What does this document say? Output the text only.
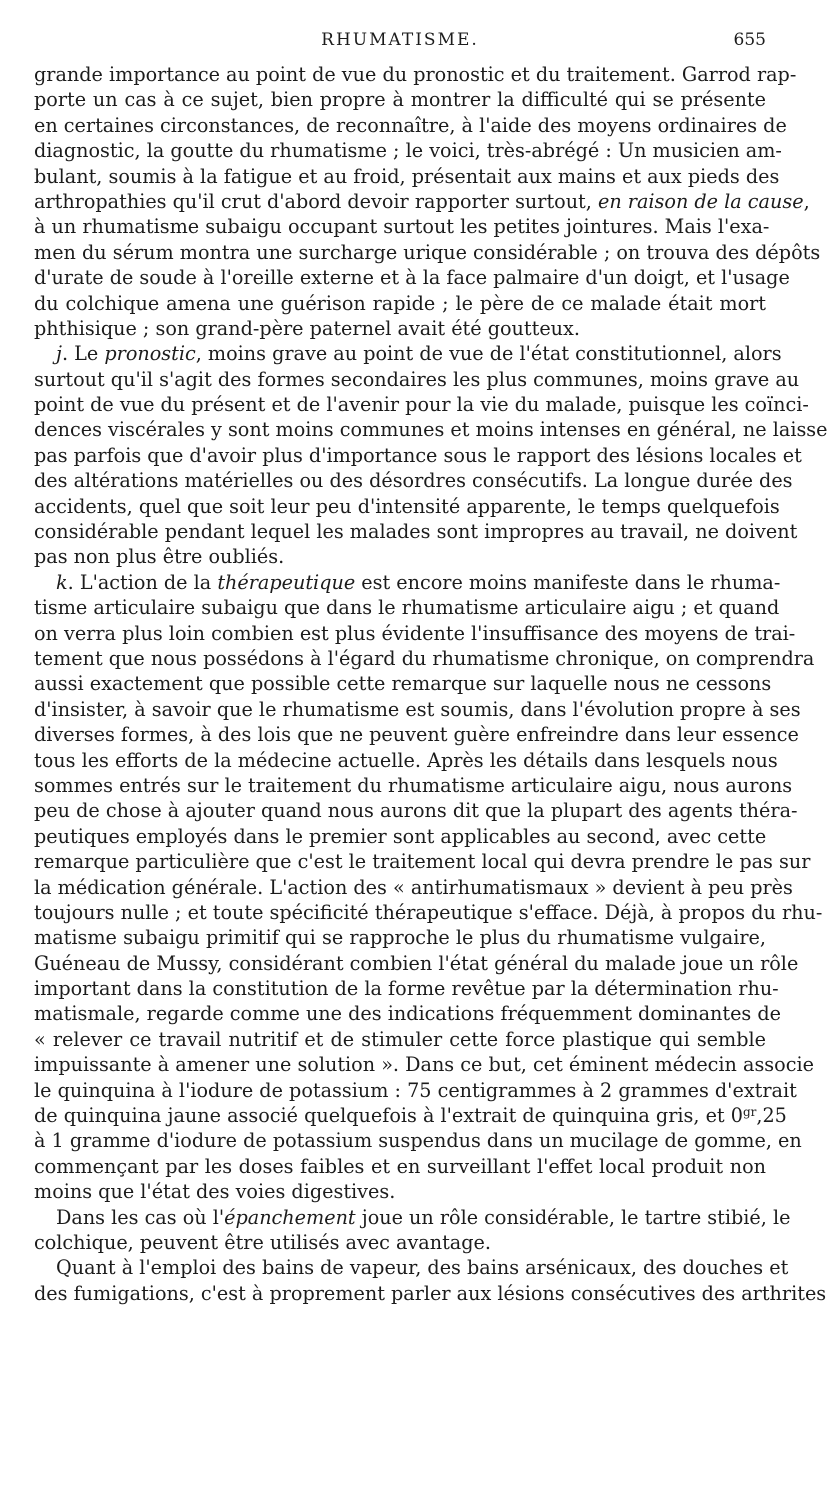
RHUMATISME.	655
grande importance au point de vue du pronostic et du traitement. Garrod rap-
porte un cas à ce sujet, bien propre à montrer la difficulté qui se présente
en certaines circonstances, de reconnaître, à l'aide des moyens ordinaires de
diagnostic, la goutte du rhumatisme ; le voici, très-abrégé : Un musicien am-
bulant, soumis à la fatigue et au froid, présentait aux mains et aux pieds des
arthropathies qu'il crut d'abord devoir rapporter surtout, en raison de la cause,
à un rhumatisme subaigu occupant surtout les petites jointures. Mais l'exa-
men du sérum montra une surcharge urique considérable ; on trouva des dépôts
d'urate de soude à l'oreille externe et à la face palmaire d'un doigt, et l'usage
du colchique amena une guérison rapide ; le père de ce malade était mort
phthisique ; son grand-père paternel avait été goutteux.
j. Le pronostic, moins grave au point de vue de l'état constitutionnel, alors
surtout qu'il s'agit des formes secondaires les plus communes, moins grave au
point de vue du présent et de l'avenir pour la vie du malade, puisque les coïnci-
dences viscérales y sont moins communes et moins intenses en général, ne laisse
pas parfois que d'avoir plus d'importance sous le rapport des lésions locales et
des altérations matérielles ou des désordres consécutifs. La longue durée des
accidents, quel que soit leur peu d'intensité apparente, le temps quelquefois
considérable pendant lequel les malades sont impropres au travail, ne doivent
pas non plus être oubliés.
k. L'action de la thérapeutique est encore moins manifeste dans le rhuma-
tisme articulaire subaigu que dans le rhumatisme articulaire aigu ; et quand
on verra plus loin combien est plus évidente l'insuffisance des moyens de trai-
tement que nous possédons à l'égard du rhumatisme chronique, on comprendra
aussi exactement que possible cette remarque sur laquelle nous ne cessons
d'insister, à savoir que le rhumatisme est soumis, dans l'évolution propre à ses
diverses formes, à des lois que ne peuvent guère enfreindre dans leur essence
tous les efforts de la médecine actuelle. Après les détails dans lesquels nous
sommes entrés sur le traitement du rhumatisme articulaire aigu, nous aurons
peu de chose à ajouter quand nous aurons dit que la plupart des agents théra-
peutiques employés dans le premier sont applicables au second, avec cette
remarque particulière que c'est le traitement local qui devra prendre le pas sur
la médication générale. L'action des « antirhumatismaux » devient à peu près
toujours nulle ; et toute spécificité thérapeutique s'efface. Déjà, à propos du rhu-
matisme subaigu primitif qui se rapproche le plus du rhumatisme vulgaire,
Guéneau de Mussy, considérant combien l'état général du malade joue un rôle
important dans la constitution de la forme revêtue par la détermination rhu-
matismale, regarde comme une des indications fréquemment dominantes de
« relever ce travail nutritif et de stimuler cette force plastique qui semble
impuissante à amener une solution ». Dans ce but, cet éminent médecin associe
le quinquina à l'iodure de potassium : 75 centigrammes à 2 grammes d'extrait
de quinquina jaune associé quelquefois à l'extrait de quinquina gris, et $0^{gr},25$
à 1 gramme d'iodure de potassium suspendus dans un mucilage de gomme, en
commençant par les doses faibles et en surveillant l'effet local produit non
moins que l'état des voies digestives.
Dans les cas où l'épanchement joue un rôle considérable, le tartre stibié, le
colchique, peuvent être utilisés avec avantage.
Quant à l'emploi des bains de vapeur, des bains arsénicaux, des douches et
des fumigations, c'est à proprement parler aux lésions consécutives des arthrites
